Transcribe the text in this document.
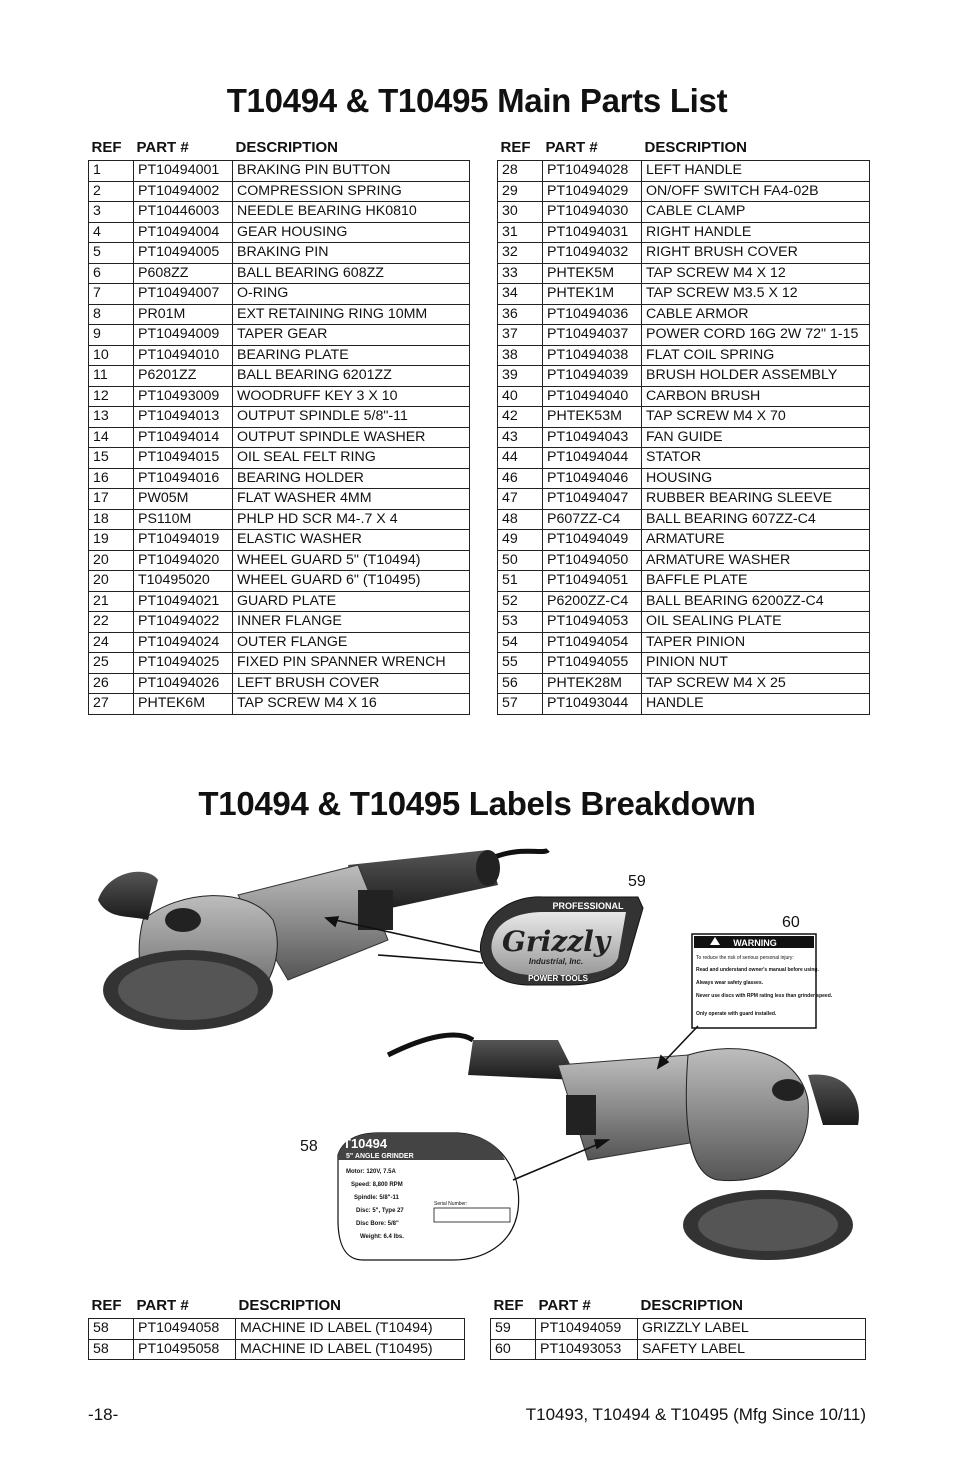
T10494 & T10495 Main Parts List
REF	PART #	DESCRIPTION
1	PT10494001	BRAKING PIN BUTTON
2	PT10494002	COMPRESSION SPRING
3	PT10446003	NEEDLE BEARING HK0810
4	PT10494004	GEAR HOUSING
5	PT10494005	BRAKING PIN
6	P608ZZ	BALL BEARING 608ZZ
7	PT10494007	O-RING
8	PR01M	EXT RETAINING RING 10MM
9	PT10494009	TAPER GEAR
10	PT10494010	BEARING PLATE
11	P6201ZZ	BALL BEARING 6201ZZ
12	PT10493009	WOODRUFF KEY 3 X 10
13	PT10494013	OUTPUT SPINDLE 5/8"-11
14	PT10494014	OUTPUT SPINDLE WASHER
15	PT10494015	OIL SEAL FELT RING
16	PT10494016	BEARING HOLDER
17	PW05M	FLAT WASHER 4MM
18	PS110M	PHLP HD SCR M4-.7 X 4
19	PT10494019	ELASTIC WASHER
20	PT10494020	WHEEL GUARD 5" (T10494)
20	T10495020	WHEEL GUARD 6" (T10495)
21	PT10494021	GUARD PLATE
22	PT10494022	INNER FLANGE
24	PT10494024	OUTER FLANGE
25	PT10494025	FIXED PIN SPANNER WRENCH
26	PT10494026	LEFT BRUSH COVER
27	PHTEK6M	TAP SCREW M4 X 16
REF	PART #	DESCRIPTION
28	PT10494028	LEFT HANDLE
29	PT10494029	ON/OFF SWITCH FA4-02B
30	PT10494030	CABLE CLAMP
31	PT10494031	RIGHT HANDLE
32	PT10494032	RIGHT BRUSH COVER
33	PHTEK5M	TAP SCREW M4 X 12
34	PHTEK1M	TAP SCREW M3.5 X 12
36	PT10494036	CABLE ARMOR
37	PT10494037	POWER CORD 16G 2W 72" 1-15
38	PT10494038	FLAT COIL SPRING
39	PT10494039	BRUSH HOLDER ASSEMBLY
40	PT10494040	CARBON BRUSH
42	PHTEK53M	TAP SCREW M4 X 70
43	PT10494043	FAN GUIDE
44	PT10494044	STATOR
46	PT10494046	HOUSING
47	PT10494047	RUBBER BEARING SLEEVE
48	P607ZZ-C4	BALL BEARING 607ZZ-C4
49	PT10494049	ARMATURE
50	PT10494050	ARMATURE WASHER
51	PT10494051	BAFFLE PLATE
52	P6200ZZ-C4	BALL BEARING 6200ZZ-C4
53	PT10494053	OIL SEALING PLATE
54	PT10494054	TAPER PINION
55	PT10494055	PINION NUT
56	PHTEK28M	TAP SCREW M4 X 25
57	PT10493044	HANDLE
T10494 & T10495 Labels Breakdown
PROFESSIONAL
Grizzly
Industrial, Inc.
POWER TOOLS
WARNING
To reduce the risk of serious personal injury:
Read and understand owner's manual before using.
Always wear safety glasses.
Never use discs with RPM rating less than grinder speed.
Only operate with guard installed.
T10494
5" ANGLE GRINDER
Motor: 120V, 7.5A
Speed: 8,800 RPM
Spindle: 5/8"-11
Disc: 5", Type 27
Disc Bore: 5/8"
Weight: 6.4 lbs.
Serial Number:
59
60
58
REF	PART #	DESCRIPTION
58	PT10494058	MACHINE ID LABEL (T10494)
58	PT10495058	MACHINE ID LABEL (T10495)
REF	PART #	DESCRIPTION
59	PT10494059	GRIZZLY LABEL
60	PT10493053	SAFETY LABEL
-18-	T10493, T10494 & T10495 (Mfg Since 10/11)
